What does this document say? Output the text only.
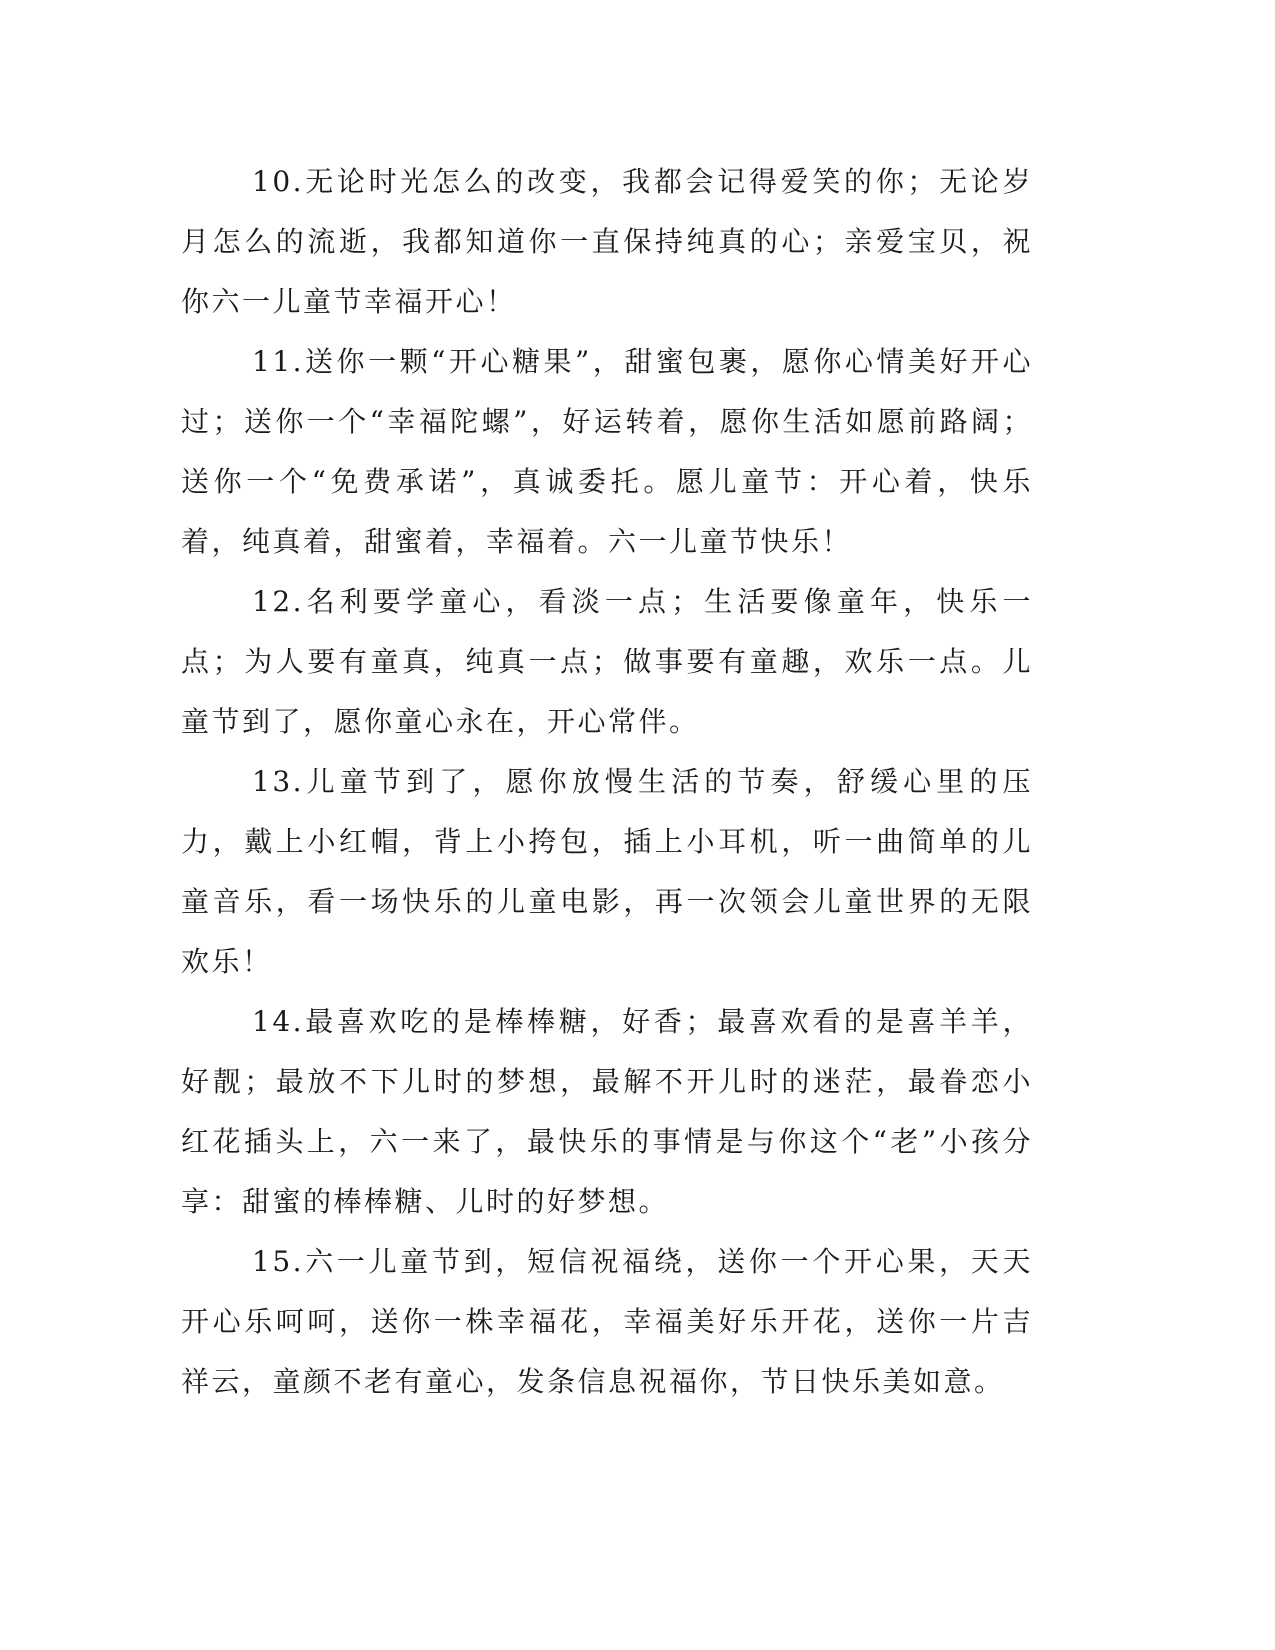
10.无论时光怎么的改变，我都会记得爱笑的你；无论岁月怎么的流逝，我都知道你一直保持纯真的心；亲爱宝贝，祝你六一儿童节幸福开心！

11.送你一颗“开心糖果”，甜蜜包裹，愿你心情美好开心过；送你一个“幸福陀螺”，好运转着，愿你生活如愿前路阔；送你一个“免费承诺”，真诚委托。愿儿童节：开心着，快乐着，纯真着，甜蜜着，幸福着。六一儿童节快乐！

12.名利要学童心，看淡一点；生活要像童年，快乐一点；为人要有童真，纯真一点；做事要有童趣，欢乐一点。儿童节到了，愿你童心永在，开心常伴。

13.儿童节到了，愿你放慢生活的节奏，舒缓心里的压力，戴上小红帽，背上小挎包，插上小耳机，听一曲简单的儿童音乐，看一场快乐的儿童电影，再一次领会儿童世界的无限欢乐！

14.最喜欢吃的是棒棒糖，好香；最喜欢看的是喜羊羊，好靓；最放不下儿时的梦想，最解不开儿时的迷茫，最眷恋小红花插头上，六一来了，最快乐的事情是与你这个“老”小孩分享：甜蜜的棒棒糖、儿时的好梦想。

15.六一儿童节到，短信祝福绕，送你一个开心果，天天开心乐呵呵，送你一株幸福花，幸福美好乐开花，送你一片吉祥云，童颜不老有童心，发条信息祝福你，节日快乐美如意。
